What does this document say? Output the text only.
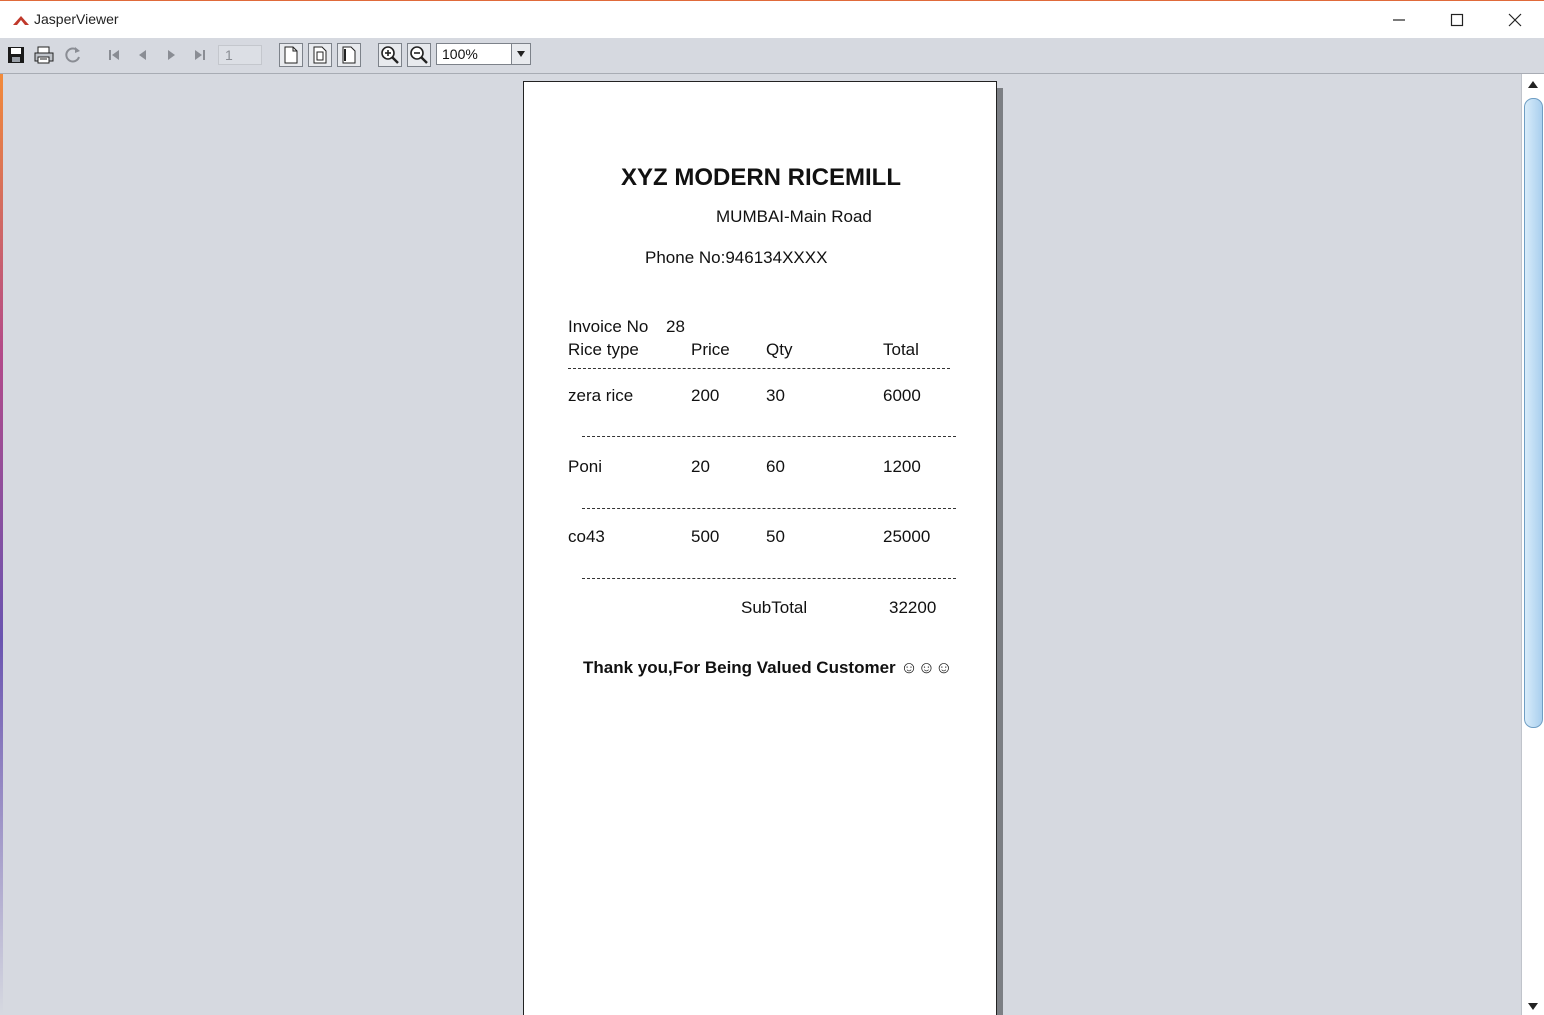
JasperViewer
1	100%
XYZ MODERN RICEMILL
MUMBAI-Main Road
Phone No:946134XXXX
Invoice No 28
Rice type	Price Qty	Total
zera rice	200	30	6000
Poni	20	60	1200
co43	500	50	25000
SubTotal	32200
Thank you,For Being Valued Customer ☺☺☺
